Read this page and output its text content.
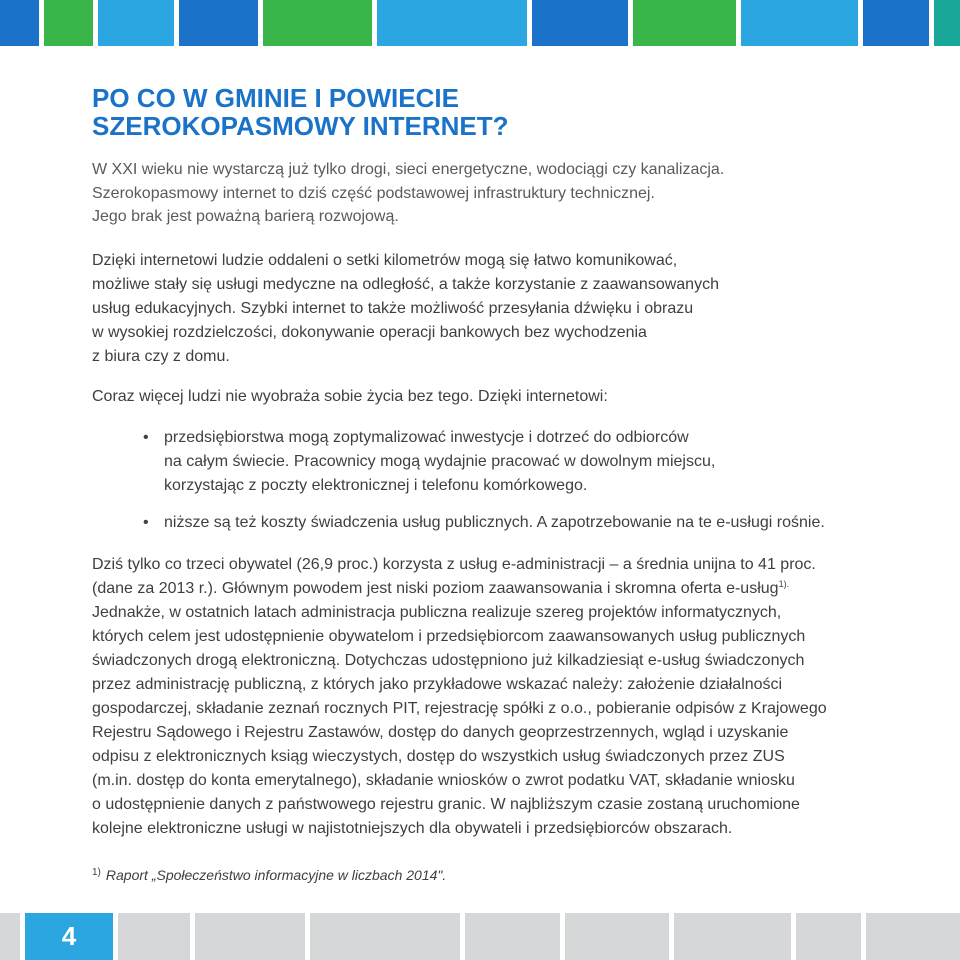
PO CO W GMINIE I POWIECIE
SZEROKOPASMOWY INTERNET?
W XXI wieku nie wystarczą już tylko drogi, sieci energetyczne, wodociągi czy kanalizacja.
Szerokopasmowy internet to dziś część podstawowej infrastruktury technicznej.
Jego brak jest poważną barierą rozwojową.
Dzięki internetowi ludzie oddaleni o setki kilometrów mogą się łatwo komunikować,
możliwe stały się usługi medyczne na odległość, a także korzystanie z zaawansowanych
usług edukacyjnych. Szybki internet to także możliwość przesyłania dźwięku i obrazu
w wysokiej rozdzielczości, dokonywanie operacji bankowych bez wychodzenia
z biura czy z domu.
Coraz więcej ludzi nie wyobraża sobie życia bez tego. Dzięki internetowi:
• przedsiębiorstwa mogą zoptymalizować inwestycje i dotrzeć do odbiorców
na całym świecie. Pracownicy mogą wydajnie pracować w dowolnym miejscu,
korzystając z poczty elektronicznej i telefonu komórkowego.
• niższe są też koszty świadczenia usług publicznych. A zapotrzebowanie na te e-usługi rośnie.
Dziś tylko co trzeci obywatel (26,9 proc.) korzysta z usług e-administracji – a średnia unijna to 41 proc.
(dane za 2013 r.). Głównym powodem jest niski poziom zaawansowania i skromna oferta e-usług$^{1).}$
Jednakże, w ostatnich latach administracja publiczna realizuje szereg projektów informatycznych,
których celem jest udostępnienie obywatelom i przedsiębiorcom zaawansowanych usług publicznych
świadczonych drogą elektroniczną. Dotychczas udostępniono już kilkadziesiąt e-usług świadczonych
przez administrację publiczną, z których jako przykładowe wskazać należy: założenie działalności
gospodarczej, składanie zeznań rocznych PIT, rejestrację spółki z o.o., pobieranie odpisów z Krajowego
Rejestru Sądowego i Rejestru Zastawów, dostęp do danych geoprzestrzennych, wgląd i uzyskanie
odpisu z elektronicznych ksiąg wieczystych, dostęp do wszystkich usług świadczonych przez ZUS
(m.in. dostęp do konta emerytalnego), składanie wniosków o zwrot podatku VAT, składanie wniosku
o udostępnienie danych z państwowego rejestru granic. W najbliższym czasie zostaną uruchomione
kolejne elektroniczne usługi w najistotniejszych dla obywateli i przedsiębiorców obszarach.
$^{1)}$ Raport „Społeczeństwo informacyjne w liczbach 2014".
4
